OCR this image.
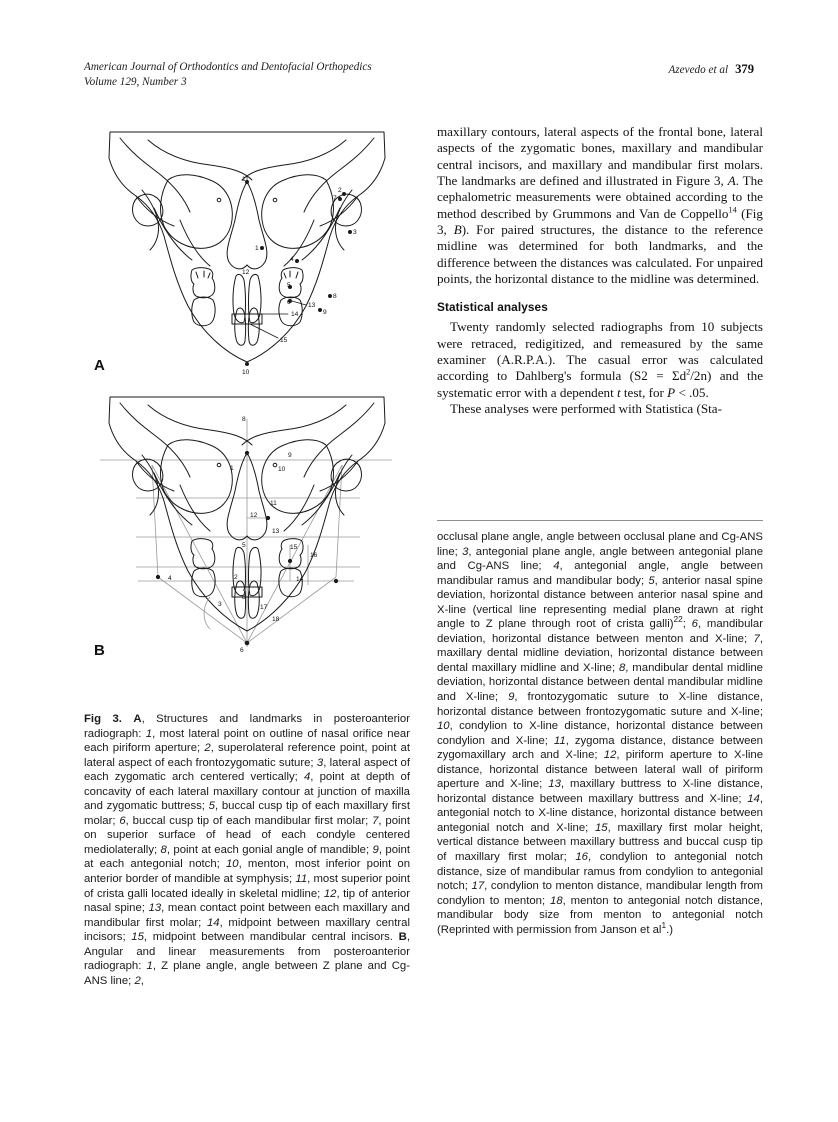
American Journal of Orthodontics and Dentofacial Orthopedics
Volume 129, Number 3
Azevedo et al 379
1
2
3
4
5
6
7
8
9
10
11
12
13
14
15
A
1
2
3
4
5
6
7
8
9
10
11
12
13
14
15
16
17
18
8
B

maxillary contours, lateral aspects of the frontal bone, lateral aspects of the zygomatic bones, maxillary and mandibular central incisors, and maxillary and mandibular first molars. The landmarks are defined and illustrated in Figure 3, A. The cephalometric measurements were obtained according to the method described by Grummons and Van de Coppello$^{14}$ (Fig 3, B). For paired structures, the distance to the reference midline was determined for both landmarks, and the difference between the distances was calculated. For unpaired points, the horizontal distance to the midline was determined.

Statistical analyses

Twenty randomly selected radiographs from 10 subjects were retraced, redigitized, and remeasured by the same examiner (A.R.P.A.). The casual error was calculated according to Dahlberg's formula $(S2 = \Sigma d^2/2n)$ and the systematic error with a dependent t test, for P < .05.

These analyses were performed with Statistica (Sta-

Fig 3. A, Structures and landmarks in posteroanterior radiograph: 1, most lateral point on outline of nasal orifice near each piriform aperture; 2, superolateral reference point, point at lateral aspect of each frontozygomatic suture; 3, lateral aspect of each zygomatic arch centered vertically; 4, point at depth of concavity of each lateral maxillary contour at junction of maxilla and zygomatic buttress; 5, buccal cusp tip of each maxillary first molar; 6, buccal cusp tip of each mandibular first molar; 7, point on superior surface of head of each condyle centered mediolaterally; 8, point at each gonial angle of mandible; 9, point at each antegonial notch; 10, menton, most inferior point on anterior border of mandible at symphysis; 11, most superior point of crista galli located ideally in skeletal midline; 12, tip of anterior nasal spine; 13, mean contact point between each maxillary and mandibular first molar; 14, midpoint between maxillary central incisors; 15, midpoint between mandibular central incisors. B, Angular and linear measurements from posteroanterior radiograph: 1, Z plane angle, angle between Z plane and Cg-ANS line; 2,

occlusal plane angle, angle between occlusal plane and Cg-ANS line; 3, antegonial plane angle, angle between antegonial plane and Cg-ANS line; 4, antegonial angle, angle between mandibular ramus and mandibular body; 5, anterior nasal spine deviation, horizontal distance between anterior nasal spine and X-line (vertical line representing medial plane drawn at right angle to Z plane through root of crista galli)$^{22}$; 6, mandibular deviation, horizontal distance between menton and X-line; 7, maxillary dental midline deviation, horizontal distance between dental maxillary midline and X-line; 8, mandibular dental midline deviation, horizontal distance between dental mandibular midline and X-line; 9, frontozygomatic suture to X-line distance, horizontal distance between frontozygomatic suture and X-line; 10, condylion to X-line distance, horizontal distance between condylion and X-line; 11, zygoma distance, distance between zygomaxillary arch and X-line; 12, piriform aperture to X-line distance, horizontal distance between lateral wall of piriform aperture and X-line; 13, maxillary buttress to X-line distance, horizontal distance between maxillary buttress and X-line; 14, antegonial notch to X-line distance, horizontal distance between antegonial notch and X-line; 15, maxillary first molar height, vertical distance between maxillary buttress and buccal cusp tip of maxillary first molar; 16, condylion to antegonial notch distance, size of mandibular ramus from condylion to antegonial notch; 17, condylion to menton distance, mandibular length from condylion to menton; 18, menton to antegonial notch distance, mandibular body size from menton to antegonial notch (Reprinted with permission from Janson et $al^1$.)
